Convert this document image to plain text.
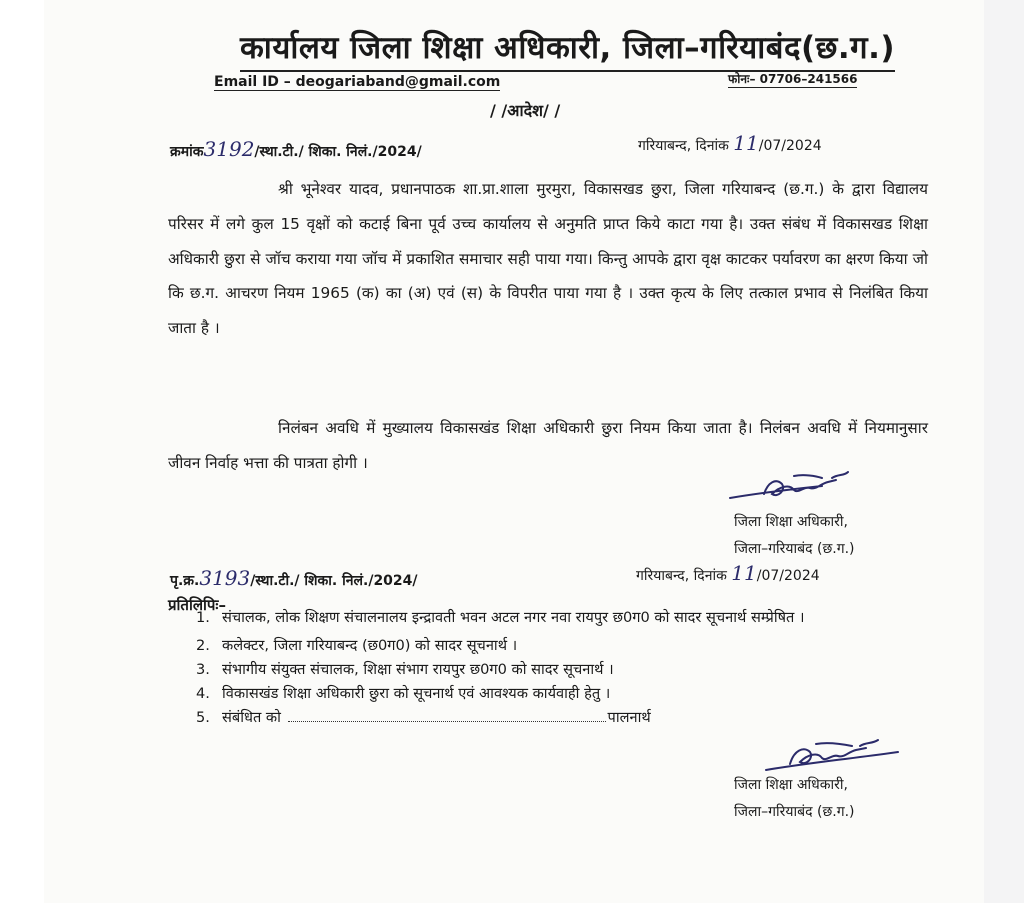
कार्यालय जिला शिक्षा अधिकारी, जिला–गरियाबंद(छ.ग.)
Email ID – deogariaband@gmail.com	फोनः– 07706–241566
/ /आदेश/ /
क्रमांक3192/स्था.टी./ शिका. निलं./2024/	गरियाबन्द, दिनांक 11/07/2024
श्री भूनेश्वर यादव, प्रधानपाठक शा.प्रा.शाला मुरमुरा, विकासखड छुरा, जिला गरियाबन्द (छ.ग.) के द्वारा विद्यालय परिसर में लगे कुल 15 वृक्षों को कटाई बिना पूर्व उच्च कार्यालय से अनुमति प्राप्त किये काटा गया है। उक्त संबंध में विकासखड शिक्षा अधिकारी छुरा से जॉच कराया गया जॉच में प्रकाशित समाचार सही पाया गया। किन्तु आपके द्वारा वृक्ष काटकर पर्यावरण का क्षरण किया जो कि छ.ग. आचरण नियम 1965 (क) का (अ) एवं (स) के विपरीत पाया गया है । उक्त कृत्य के लिए तत्काल प्रभाव से निलंबित किया जाता है ।
निलंबन अवधि में मुख्यालय विकासखंड शिक्षा अधिकारी छुरा नियम किया जाता है। निलंबन अवधि में नियमानुसार जीवन निर्वाह भत्ता की पात्रता होगी ।
जिला शिक्षा अधिकारी,
जिला–गरियाबंद (छ.ग.)
पृ.क्र.3193/स्था.टी./ शिका. निलं./2024/	गरियाबन्द, दिनांक 11/07/2024
प्रतिलिपिः–
1. संचालक, लोक शिक्षण संचालनालय इन्द्रावती भवन अटल नगर नवा रायपुर छ0ग0 को सादर सूचनार्थ सम्प्रेषित ।
2. कलेक्टर, जिला गरियाबन्द (छ0ग0) को सादर सूचनार्थ ।
3. संभागीय संयुक्त संचालक, शिक्षा संभाग रायपुर छ0ग0 को सादर सूचनार्थ ।
4. विकासखंड शिक्षा अधिकारी छुरा को सूचनार्थ एवं आवश्यक कार्यवाही हेतु ।
5. संबंधित को	पालनार्थ
जिला शिक्षा अधिकारी,
जिला–गरियाबंद (छ.ग.)
